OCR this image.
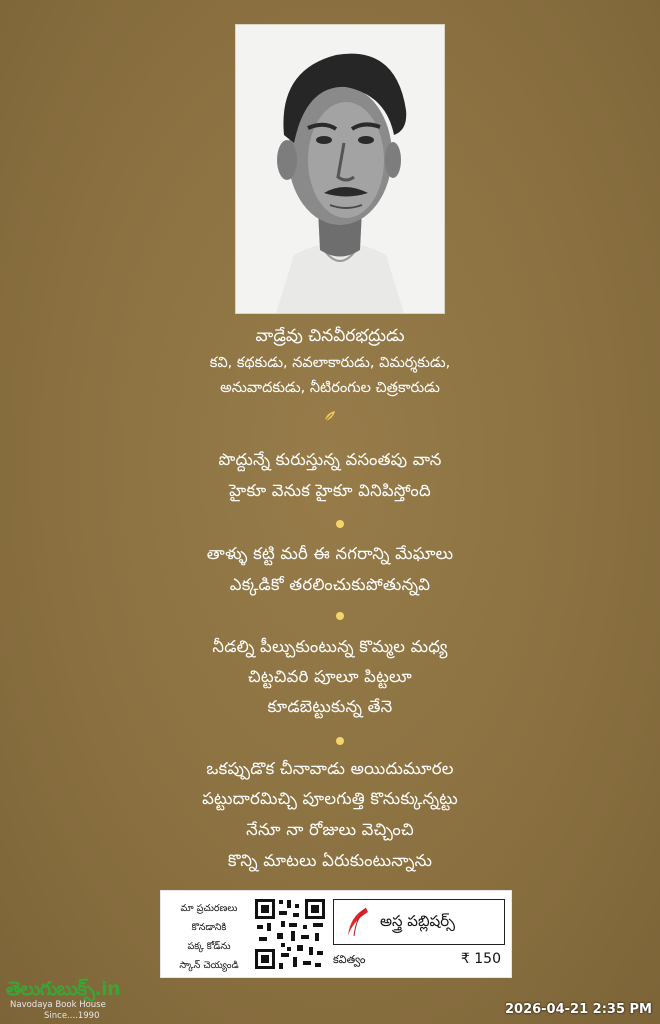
వాడ్రేవు చినవీరభద్రుడు
కవి, కథకుడు, నవలాకారుడు, విమర్శకుడు,
అనువాదకుడు, నీటిరంగుల చిత్రకారుడు
పొద్దున్నే కురుస్తున్న వసంతపు వాన
హైకూ వెనుక హైకూ వినిపిస్తోంది
తాళ్ళు కట్టి మరీ ఈ నగరాన్ని మేఘాలు
ఎక్కడికో తరలించుకుపోతున్నవి
నీడల్ని పీల్చుకుంటున్న కొమ్మల మధ్య
చిట్టచివరి పూలూ పిట్టలూ
కూడబెట్టుకున్న తేనె
ఒకప్పుడొక చీనావాడు అయిదుమూరల
పట్టుదారమిచ్చి పూలగుత్తి కొనుక్కున్నట్టు
నేనూ నా రోజులు వెచ్చించి
కొన్ని మాటలు ఏరుకుంటున్నాను
మా ప్రచురణలు
కొనడానికి
పక్క కోడ్‌ను
స్కాన్ చెయ్యండి
అస్త్ర పబ్లిషర్స్
కవిత్వం	₹ 150
తెలుగుబుక్స్.in
Navodaya Book House
Since....1990	2026-04-21 2:35 PM
